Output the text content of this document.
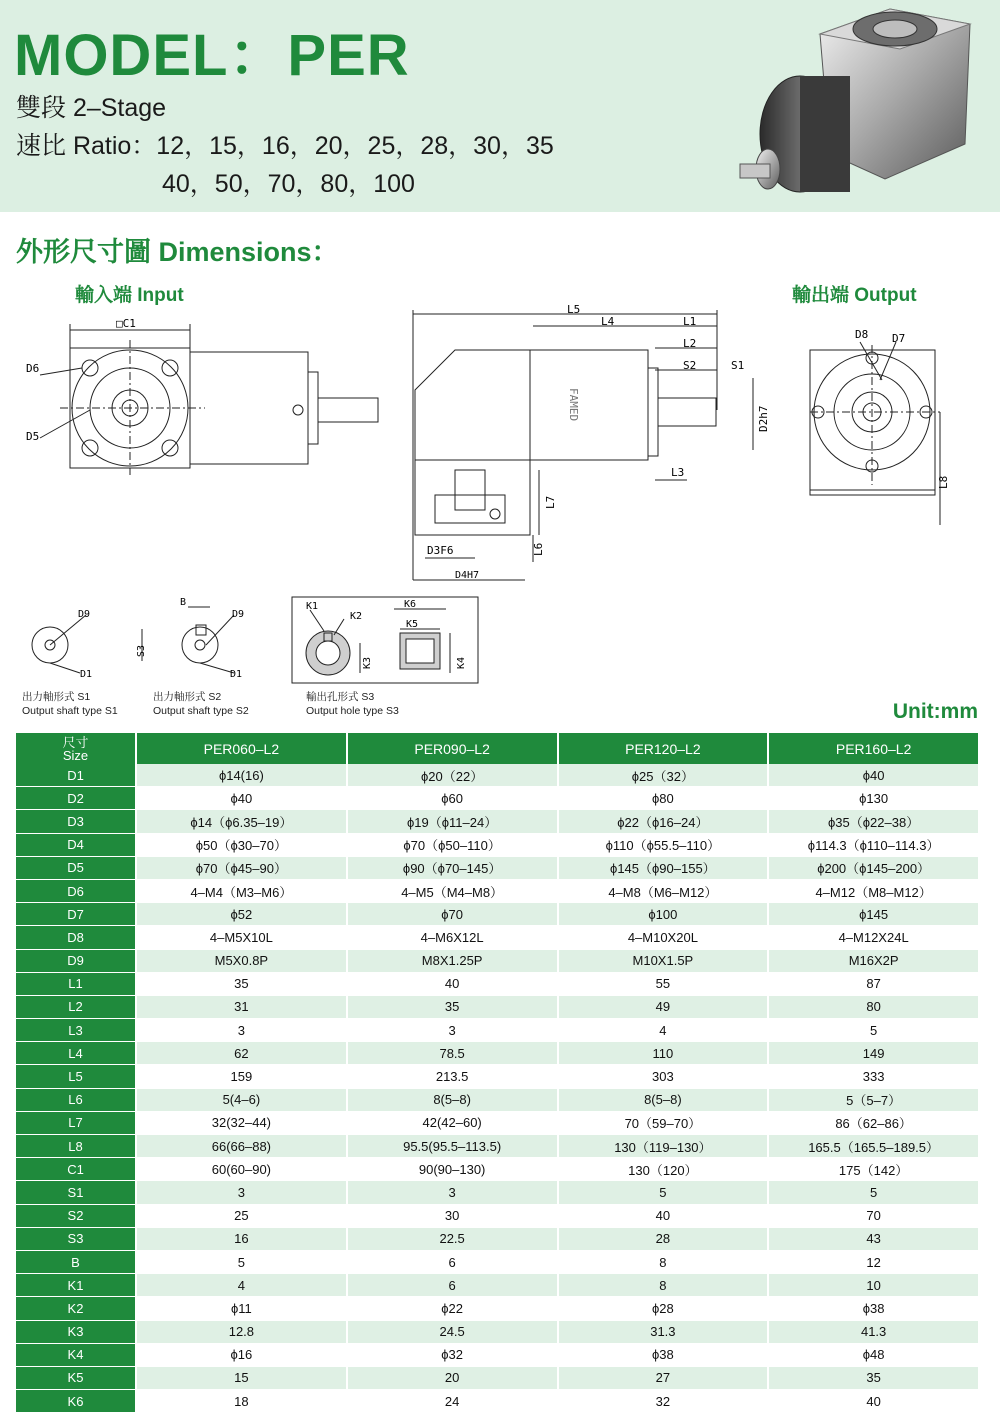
MODEL：PER
雙段 2–Stage
速比 Ratio：12，15，16，20，25，28，30，35
40，50，70，80，100
外形尺寸圖 Dimensions：
輸入端 Input	輸出端 Output
□C1
D6
D5
L5
L4	L1
L2
S2	S1
D2h7
L3
L7
L6
D3F6
D4H7
FAMED
D8 D7
L8
D9
D1
B
D9
S3
D1
K1
K2
K3
K6
K5
K4
出力軸形式 S1
Output shaft type S1
出力軸形式 S2
Output shaft type S2
輸出孔形式 S3
Output hole type S3	Unit:mm
尺寸
Size	PER060–L2	PER090–L2	PER120–L2	PER160–L2
D1	ϕ14(16)	ϕ20（22）	ϕ25（32）	ϕ40
D2	ϕ40	ϕ60	ϕ80	ϕ130
D3	ϕ14（ϕ6.35–19）	ϕ19（ϕ11–24）	ϕ22（ϕ16–24）	ϕ35（ϕ22–38）
D4	ϕ50（ϕ30–70）	ϕ70（ϕ50–110）	ϕ110（ϕ55.5–110）	ϕ114.3（ϕ110–114.3）
D5	ϕ70（ϕ45–90）	ϕ90（ϕ70–145）	ϕ145（ϕ90–155）	ϕ200（ϕ145–200）
D6	4–M4（M3–M6）	4–M5（M4–M8）	4–M8（M6–M12）	4–M12（M8–M12）
D7	ϕ52	ϕ70	ϕ100	ϕ145
D8	4–M5X10L	4–M6X12L	4–M10X20L	4–M12X24L
D9	M5X0.8P	M8X1.25P	M10X1.5P	M16X2P
L1	35	40	55	87
L2	31	35	49	80
L3	3	3	4	5
L4	62	78.5	110	149
L5	159	213.5	303	333
L6	5(4–6)	8(5–8)	8(5–8)	5（5–7）
L7	32(32–44)	42(42–60)	70（59–70）	86（62–86）
L8	66(66–88)	95.5(95.5–113.5)	130（119–130）	165.5（165.5–189.5）
C1	60(60–90)	90(90–130)	130（120）	175（142）
S1	3	3	5	5
S2	25	30	40	70
S3	16	22.5	28	43
B	5	6	8	12
K1	4	6	8	10
K2	ϕ11	ϕ22	ϕ28	ϕ38
K3	12.8	24.5	31.3	41.3
K4	ϕ16	ϕ32	ϕ38	ϕ48
K5	15	20	27	35
K6	18	24	32	40
